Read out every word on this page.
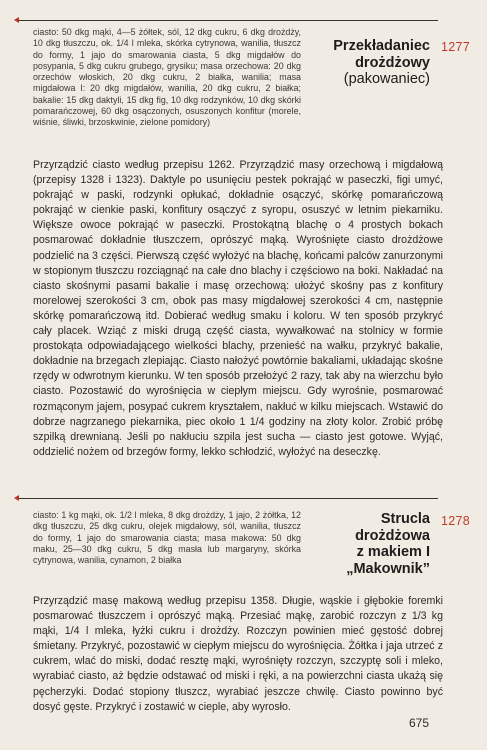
ciasto: 50 dkg mąki, 4—5 żółtek, sól, 12 dkg cukru, 6 dkg drożdży, 10 dkg tłuszczu, ok. 1/4 l mleka, skórka cytrynowa, wanilia, tłuszcz do formy, 1 jajo do smarowania ciasta, 5 dkg migdałów do posypania, 5 dkg cukru grubego, grysiku; masa orzechowa: 20 dkg orzechów włoskich, 20 dkg cukru, 2 białka, wanilia; masa migdałowa I: 20 dkg migdałów, wanilia, 20 dkg cukru, 2 białka; bakalie: 15 dkg daktyli, 15 dkg fig, 10 dkg rodzynków, 10 dkg skórki pomarańczowej, 60 dkg osączonych, osuszonych konfitur (morele, wiśnie, śliwki, brzoskwinie, zielone pomidory)
Przekładaniec
drożdżowy
(pakowaniec)
1277

Przyrządzić ciasto według przepisu 1262. Przyrządzić masy orzechową i migdałową (przepisy 1328 i 1323). Daktyle po usunięciu pestek pokrająć w paseczki, figi umyć, pokrająć w paski, rodzynki opłukać, dokładnie osączyć, skórkę pomarańczową pokrająć w cienkie paski, konfitury osączyć z syropu, osuszyć w letnim piekarniku. Większe owoce pokrająć w paseczki. Prostokątną blachę o 4 prostych bokach posmarować dokładnie tłuszczem, oprószyć mąką. Wyrośnięte ciasto drożdżowe podzielić na 3 części. Pierwszą część wyłożyć na blachę, końcami palców zanurzonymi w stopionym tłuszczu rozciągnąć na całe dno blachy i częściowo na boki. Nakładać na ciasto skośnymi pasami bakalie i masę orzechową: ułożyć skośny pas z konfitury morelowej szerokości 3 cm, obok pas masy migdałowej szerokości 4 cm, następnie skórkę pomarańczową itd. Dobierać według smaku i koloru. W ten sposób przykryć cały placek. Wziąć z miski drugą część ciasta, wywałkować na stolnicy w formie prostokąta odpowiadającego wielkości blachy, przenieść na wałku, przykryć bakalie, dokładnie na brzegach zlepiając. Ciasto nałożyć powtórnie bakaliami, układając skośne rzędy w odwrotnym kierunku. W ten sposób przełożyć 2 razy, tak aby na wierzchu było ciasto. Pozostawić do wyrośnięcia w ciepłym miejscu. Gdy wyrośnie, posmarować rozmąconym jajem, posypać cukrem kryształem, nakłuć w kilku miejscach. Wstawić do dobrze nagrzanego piekarnika, piec około 1 1/4 godziny na złoty kolor. Zrobić próbę szpilką drewnianą. Jeśli po nakłuciu szpila jest sucha — ciasto jest gotowe. Wyjąć, oddzielić nożem od brzegów formy, lekko schłodzić, wyłożyć na deseczkę.

ciasto: 1 kg mąki, ok. 1/2 l mleka, 8 dkg drożdży, 1 jajo, 2 żółtka, 12 dkg tłuszczu, 25 dkg cukru, olejek migdałowy, sól, wanilia, tłuszcz do formy, 1 jajo do smarowania ciasta; masa makowa: 50 dkg maku, 25—30 dkg cukru, 5 dkg masła lub margaryny, skórka cytrynowa, wanilia, cynamon, 2 białka
Strucla
drożdżowa
z makiem I
„Makownik”
1278

Przyrządzić masę makową według przepisu 1358. Długie, wąskie i głębokie foremki posmarować tłuszczem i oprószyć mąką. Przesiać mąkę, zarobić rozczyn z 1/3 kg mąki, 1/4 l mleka, łyżki cukru i drożdży. Rozczyn powinien mieć gęstość dobrej śmietany. Przykryć, pozostawić w ciepłym miejscu do wyrośnięcia. Żółtka i jaja utrzeć z cukrem, wlać do miski, dodać resztę mąki, wyrośnięty rozczyn, szczyptę soli i mleko, wyrabiać ciasto, aż będzie odstawać od miski i ręki, a na powierzchni ciasta ukażą się pęcherzyki. Dodać stopiony tłuszcz, wyrabiać jeszcze chwilę. Ciasto powinno być dosyć gęste. Przykryć i zostawić w cieple, aby wyrosło.

675
